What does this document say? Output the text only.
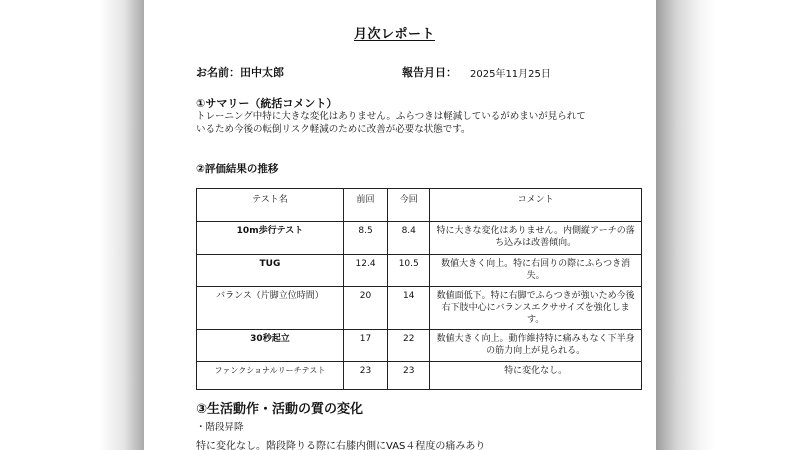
月次レポート
お名前：田中太郎	報告月日： 2025年11月25日
①サマリー（統括コメント）
トレーニング中特に大きな変化はありません。ふらつきは軽減しているがめまいが見られて
いるため今後の転倒リスク軽減のために改善が必要な状態です。
②評価結果の推移
テスト名	前回	今回	コメント
10m歩行テスト	8.5	8.4	特に大きな変化はありません。内側縦アーチの落ち込みは改善傾向。
TUG	12.4	10.5	数値大きく向上。特に右回りの際にふらつき消失。
バランス（片脚立位時間）	20	14	数値面低下。特に右脚でふらつきが強いため今後右下肢中心にバランスエクササイズを強化します。
30秒起立	17	22	数値大きく向上。動作維持特に痛みもなく下半身の筋力向上が見られる。
ファンクショナルリーチテスト	23	23	特に変化なし。
③生活動作・活動の質の変化
・階段昇降
特に変化なし。階段降りる際に右膝内側にVAS４程度の痛みあり
